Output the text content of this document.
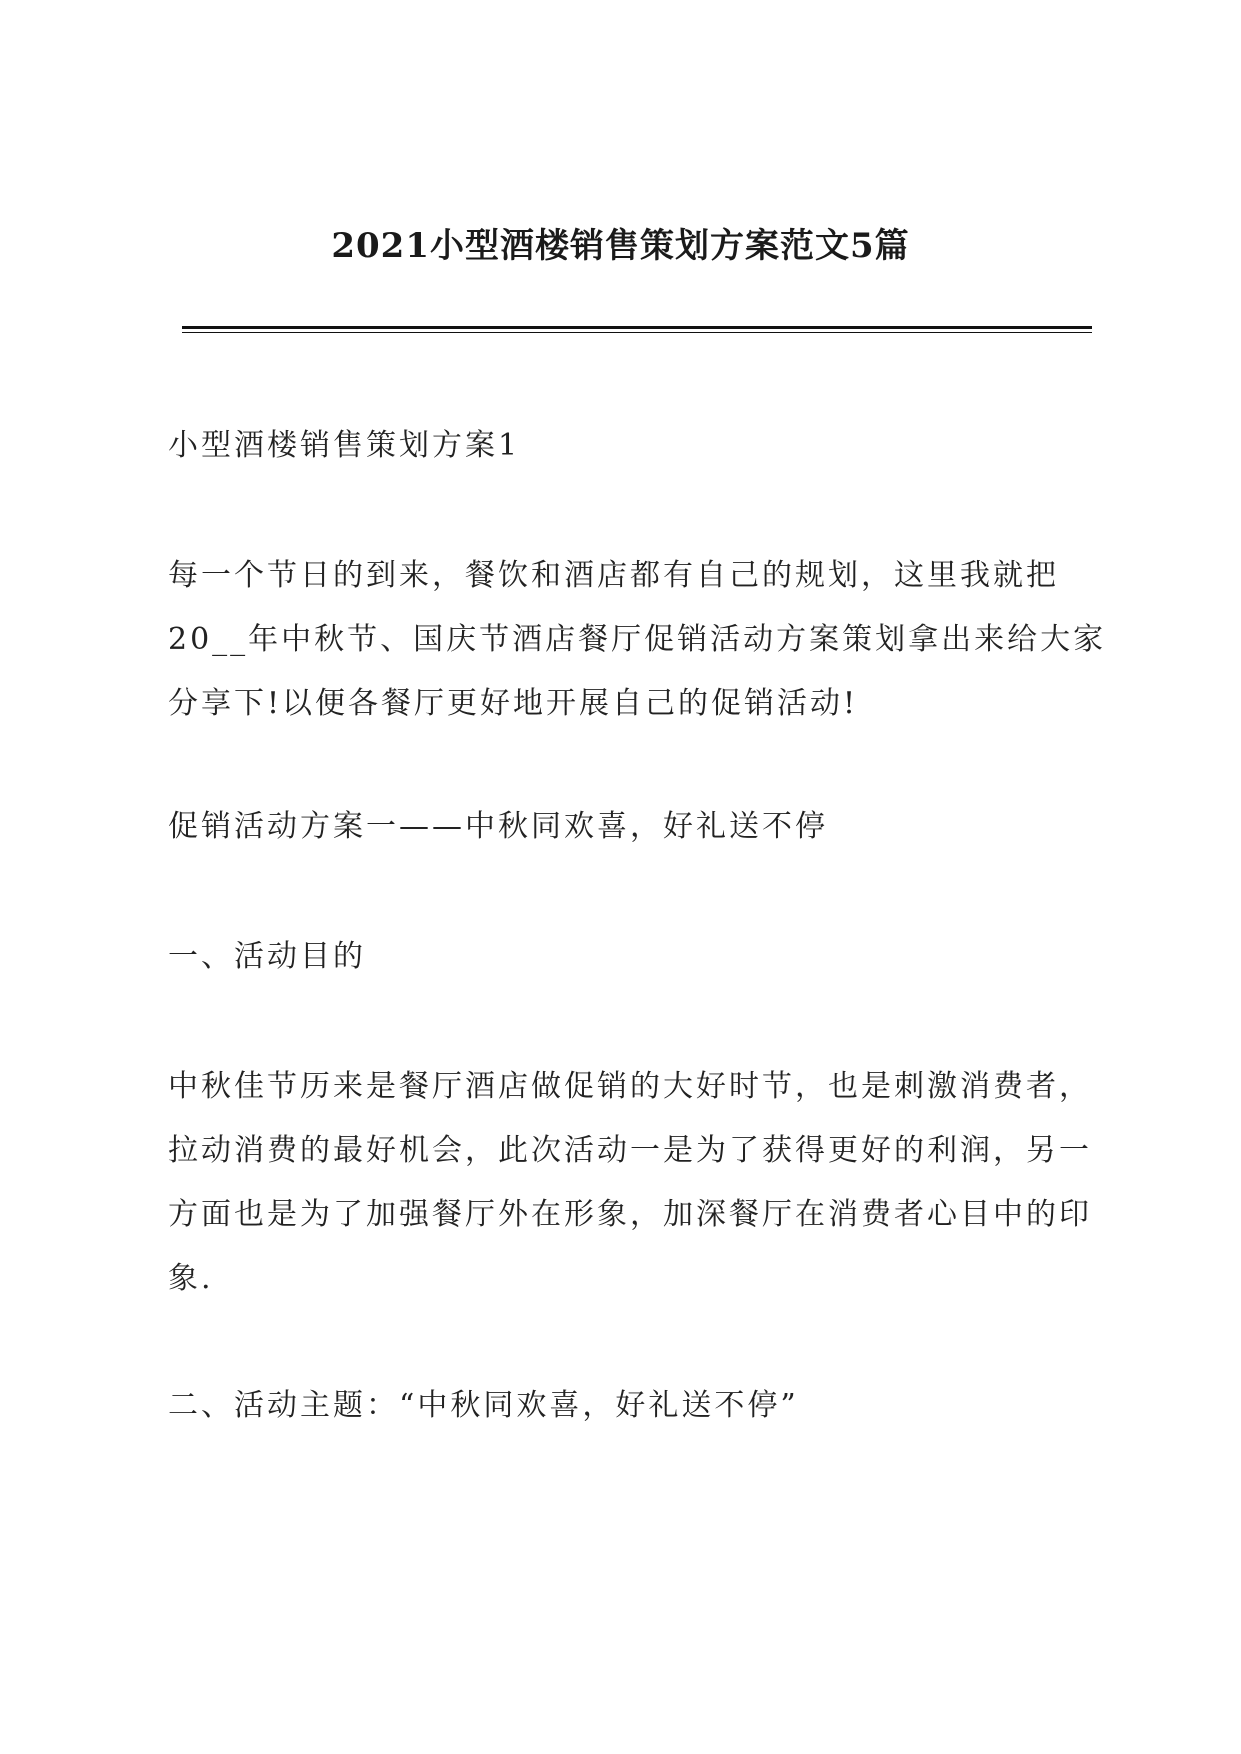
2021小型酒楼销售策划方案范文5篇

小型酒楼销售策划方案1

每一个节日的到来，餐饮和酒店都有自己的规划，这里我就把
20__年中秋节、国庆节酒店餐厅促销活动方案策划拿出来给大家
分享下!以便各餐厅更好地开展自己的促销活动!

促销活动方案一——中秋同欢喜，好礼送不停

一、活动目的

中秋佳节历来是餐厅酒店做促销的大好时节，也是刺激消费者，
拉动消费的最好机会，此次活动一是为了获得更好的利润，另一
方面也是为了加强餐厅外在形象，加深餐厅在消费者心目中的印
象.

二、活动主题：“中秋同欢喜，好礼送不停”
